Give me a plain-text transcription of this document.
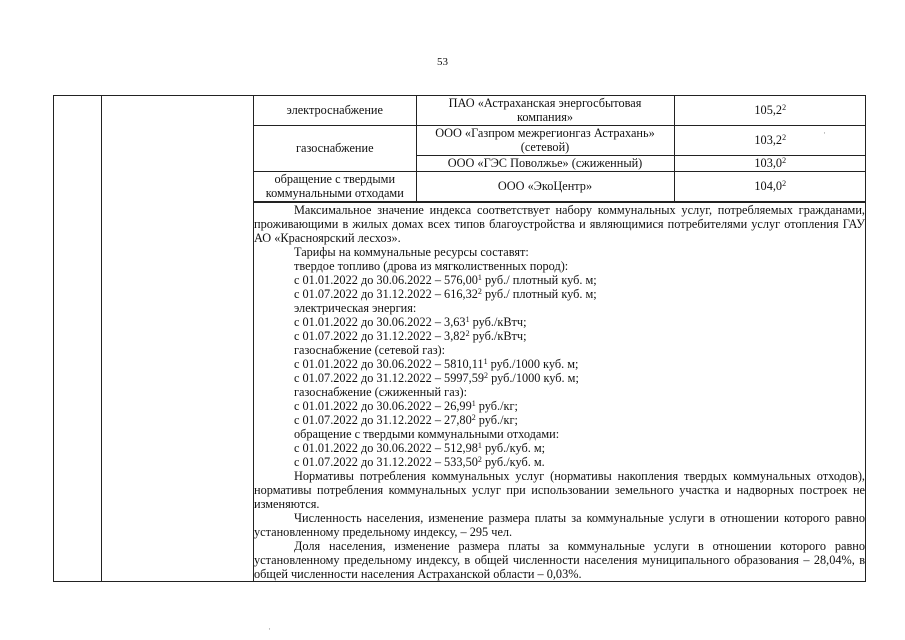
53

электроснабжение	ПАО «Астраханская энергосбытовая компания»	105,2$^2$
газоснабжение	ООО «Газпром межрегионгаз Астрахань» (сетевой)	103,2$^2$
ООО «ГЭС Поволжье» (сжиженный)	103,0$^2$
обращение с твердыми коммунальными отходами	ООО «ЭкоЦентр»	104,0$^2$

Максимальное значение индекса соответствует набору коммунальных услуг, потребляемых гражданами, проживающими в жилых домах всех типов благоустройства и являющимися потребителями услуг отопления ГАУ АО «Красноярский лесхоз».

Тарифы на коммунальные ресурсы составят:

твердое топливо (дрова из мягколиственных пород):
с 01.01.2022 до 30.06.2022 – 576,00$^1$ руб./ плотный куб. м;
с 01.07.2022 до 31.12.2022 – 616,32$^2$ руб./ плотный куб. м;
электрическая энергия:
с 01.01.2022 до 30.06.2022 – 3,63$^1$ руб./кВтч;
с 01.07.2022 до 31.12.2022 – 3,82$^2$ руб./кВтч;
газоснабжение (сетевой газ):
с 01.01.2022 до 30.06.2022 – 5810,11$^1$ руб./1000 куб. м;
с 01.07.2022 до 31.12.2022 – 5997,59$^2$ руб./1000 куб. м;
газоснабжение (сжиженный газ):
с 01.01.2022 до 30.06.2022 – 26,99$^1$ руб./кг;
с 01.07.2022 до 31.12.2022 – 27,80$^2$ руб./кг;
обращение с твердыми коммунальными отходами:
с 01.01.2022 до 30.06.2022 – 512,98$^1$ руб./куб. м;
с 01.07.2022 до 31.12.2022 – 533,50$^2$ руб./куб. м.

Нормативы потребления коммунальных услуг (нормативы накопления твердых коммунальных отходов), нормативы потребления коммунальных услуг при использовании земельного участка и надворных построек не изменяются.

Численность населения, изменение размера платы за коммунальные услуги в отношении которого равно установленному предельному индексу, – 295 чел.

Доля населения, изменение размера платы за коммунальные услуги в отношении которого равно установленному предельному индексу, в общей численности населения муниципального образования – 28,04%, в общей численности населения Астраханской области – 0,03%.

·
·
